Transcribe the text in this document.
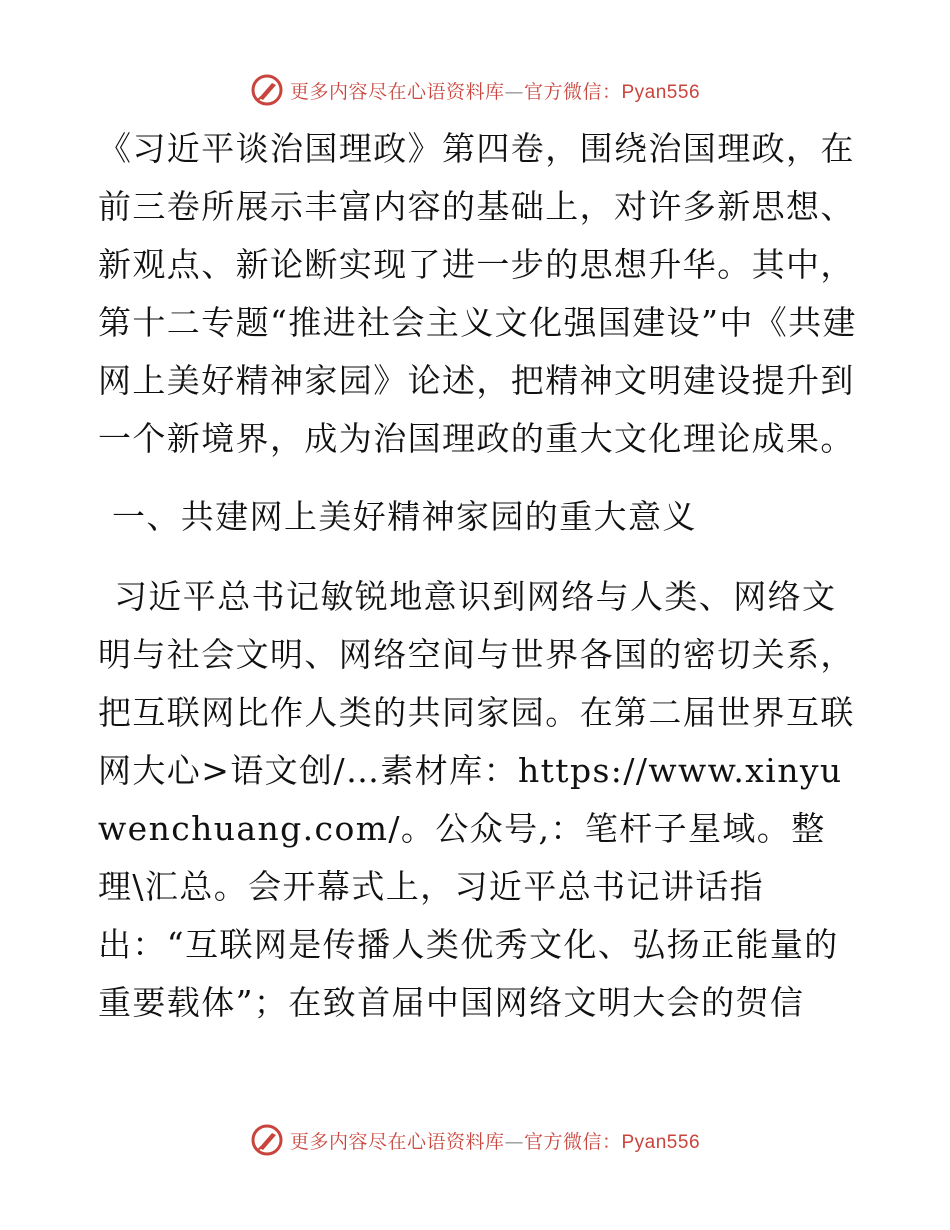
更多内容尽在心语资料库—官方微信：Pyan556

《习近平谈治国理政》第四卷，围绕治国理政，在前三卷所展示丰富内容的基础上，对许多新思想、新观点、新论断实现了进一步的思想升华。其中，第十二专题“推进社会主义文化强国建设”中《共建网上美好精神家园》论述，把精神文明建设提升到一个新境界，成为治国理政的重大文化理论成果。

一、共建网上美好精神家园的重大意义

习近平总书记敏锐地意识到网络与人类、网络文明与社会文明、网络空间与世界各国的密切关系，把互联网比作人类的共同家园。在第二届世界互联网大心>语文创/…素材库：https://www.xinyuwenchuang.com/。公众号,：笔杆子星域。整理\汇总。会开幕式上，习近平总书记讲话指出：“互联网是传播人类优秀文化、弘扬正能量的重要载体”；在致首届中国网络文明大会的贺信

更多内容尽在心语资料库—官方微信：Pyan556
